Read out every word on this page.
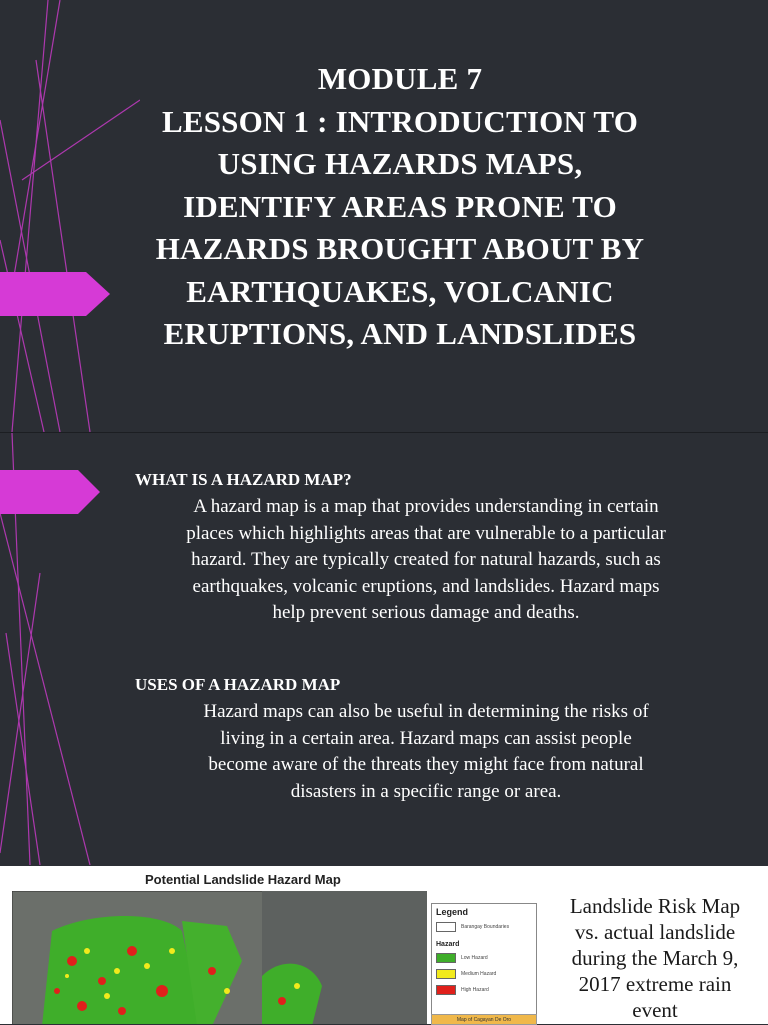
MODULE 7
LESSON 1 : INTRODUCTION TO
USING HAZARDS MAPS,
IDENTIFY AREAS PRONE TO
HAZARDS BROUGHT ABOUT BY
EARTHQUAKES, VOLCANIC
ERUPTIONS, AND LANDSLIDES
WHAT IS A HAZARD MAP?
A hazard map is a map that provides understanding in certain
places which highlights areas that are vulnerable to a particular
hazard. They are typically created for natural hazards, such as
earthquakes, volcanic eruptions, and landslides. Hazard maps
help prevent serious damage and deaths.
USES OF A HAZARD MAP
Hazard maps can also be useful in determining the risks of
living in a certain area. Hazard maps can assist people
become aware of the threats they might face from natural
disasters in a specific range or area.
Potential Landslide Hazard Map
Legend
Barangay Boundaries
Hazard
Low Hazard
Medium Hazard
High Hazard
Map of Cagayan De Oro
Landslide Risk Map
vs. actual landslide
during the March 9,
2017 extreme rain
event
